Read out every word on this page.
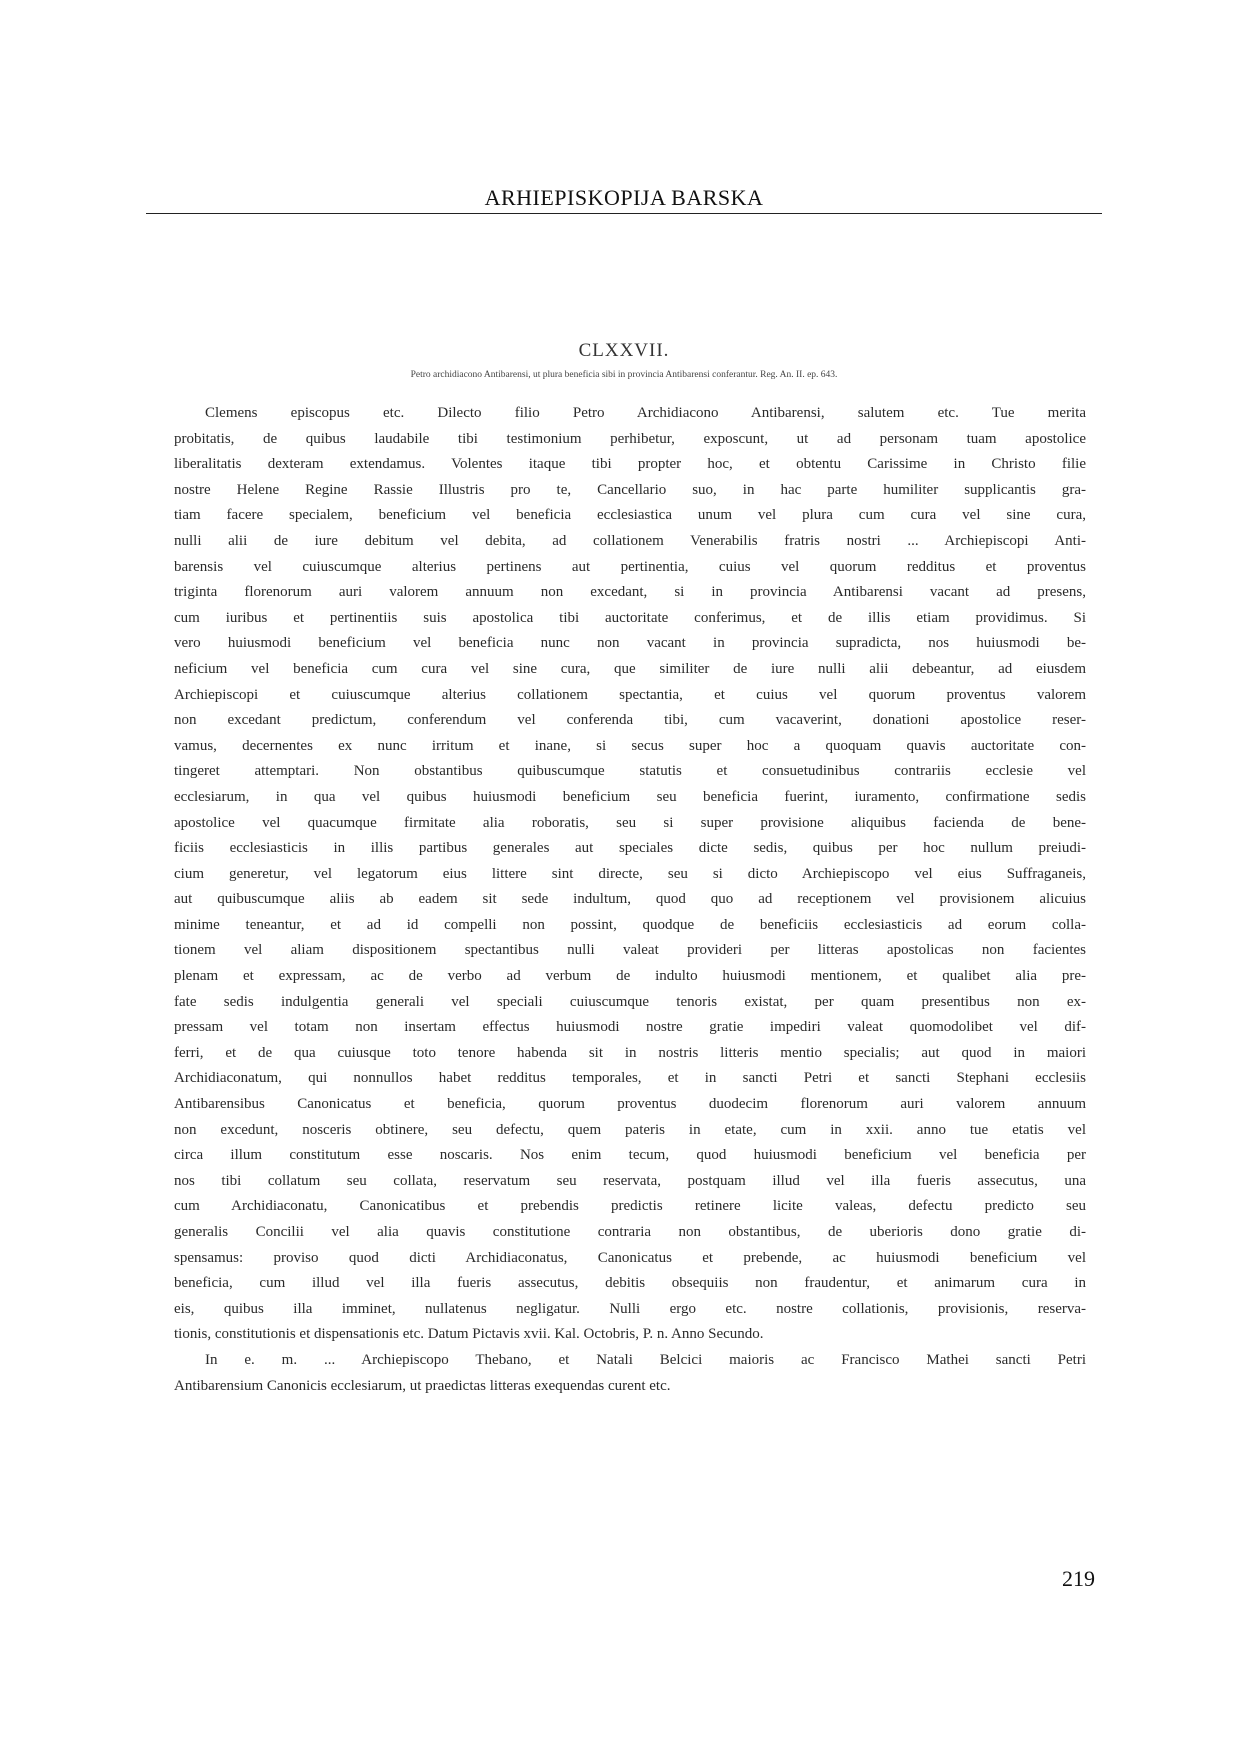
ARHIEPISKOPIJA BARSKA
CLXXVII.
Petro archidiacono Antibarensi, ut plura beneficia sibi in provincia Antibarensi conferantur. Reg. An. II. ep. 643.
Clemens episcopus etc. Dilecto filio Petro Archidiacono Antibarensi, salutem etc. Tue merita
probitatis, de quibus laudabile tibi testimonium perhibetur, exposcunt, ut ad personam tuam apostolice
liberalitatis dexteram extendamus. Volentes itaque tibi propter hoc, et obtentu Carissime in Christo filie
nostre Helene Regine Rassie Illustris pro te, Cancellario suo, in hac parte humiliter supplicantis gra-
tiam facere specialem, beneficium vel beneficia ecclesiastica unum vel plura cum cura vel sine cura,
nulli alii de iure debitum vel debita, ad collationem Venerabilis fratris nostri ... Archiepiscopi Anti-
barensis vel cuiuscumque alterius pertinens aut pertinentia, cuius vel quorum redditus et proventus
triginta florenorum auri valorem annuum non excedant, si in provincia Antibarensi vacant ad presens,
cum iuribus et pertinentiis suis apostolica tibi auctoritate conferimus, et de illis etiam providimus. Si
vero huiusmodi beneficium vel beneficia nunc non vacant in provincia supradicta, nos huiusmodi be-
neficium vel beneficia cum cura vel sine cura, que similiter de iure nulli alii debeantur, ad eiusdem
Archiepiscopi et cuiuscumque alterius collationem spectantia, et cuius vel quorum proventus valorem
non excedant predictum, conferendum vel conferenda tibi, cum vacaverint, donationi apostolice reser-
vamus, decernentes ex nunc irritum et inane, si secus super hoc a quoquam quavis auctoritate con-
tingeret attemptari. Non obstantibus quibuscumque statutis et consuetudinibus contrariis ecclesie vel
ecclesiarum, in qua vel quibus huiusmodi beneficium seu beneficia fuerint, iuramento, confirmatione sedis
apostolice vel quacumque firmitate alia roboratis, seu si super provisione aliquibus facienda de bene-
ficiis ecclesiasticis in illis partibus generales aut speciales dicte sedis, quibus per hoc nullum preiudi-
cium generetur, vel legatorum eius littere sint directe, seu si dicto Archiepiscopo vel eius Suffraganeis,
aut quibuscumque aliis ab eadem sit sede indultum, quod quo ad receptionem vel provisionem alicuius
minime teneantur, et ad id compelli non possint, quodque de beneficiis ecclesiasticis ad eorum colla-
tionem vel aliam dispositionem spectantibus nulli valeat provideri per litteras apostolicas non facientes
plenam et expressam, ac de verbo ad verbum de indulto huiusmodi mentionem, et qualibet alia pre-
fate sedis indulgentia generali vel speciali cuiuscumque tenoris existat, per quam presentibus non ex-
pressam vel totam non insertam effectus huiusmodi nostre gratie impediri valeat quomodolibet vel dif-
ferri, et de qua cuiusque toto tenore habenda sit in nostris litteris mentio specialis; aut quod in maiori
Archidiaconatum, qui nonnullos habet redditus temporales, et in sancti Petri et sancti Stephani ecclesiis
Antibarensibus Canonicatus et beneficia, quorum proventus duodecim florenorum auri valorem annuum
non excedunt, nosceris obtinere, seu defectu, quem pateris in etate, cum in xxii. anno tue etatis vel
circa illum constitutum esse noscaris. Nos enim tecum, quod huiusmodi beneficium vel beneficia per
nos tibi collatum seu collata, reservatum seu reservata, postquam illud vel illa fueris assecutus, una
cum Archidiaconatu, Canonicatibus et prebendis predictis retinere licite valeas, defectu predicto seu
generalis Concilii vel alia quavis constitutione contraria non obstantibus, de uberioris dono gratie di-
spensamus: proviso quod dicti Archidiaconatus, Canonicatus et prebende, ac huiusmodi beneficium vel
beneficia, cum illud vel illa fueris assecutus, debitis obsequiis non fraudentur, et animarum cura in
eis, quibus illa imminet, nullatenus negligatur. Nulli ergo etc. nostre collationis, provisionis, reserva-
tionis, constitutionis et dispensationis etc. Datum Pictavis xvii. Kal. Octobris, P. n. Anno Secundo.
In e. m. ... Archiepiscopo Thebano, et Natali Belcici maioris ac Francisco Mathei sancti Petri
Antibarensium Canonicis ecclesiarum, ut praedictas litteras exequendas curent etc.
219
